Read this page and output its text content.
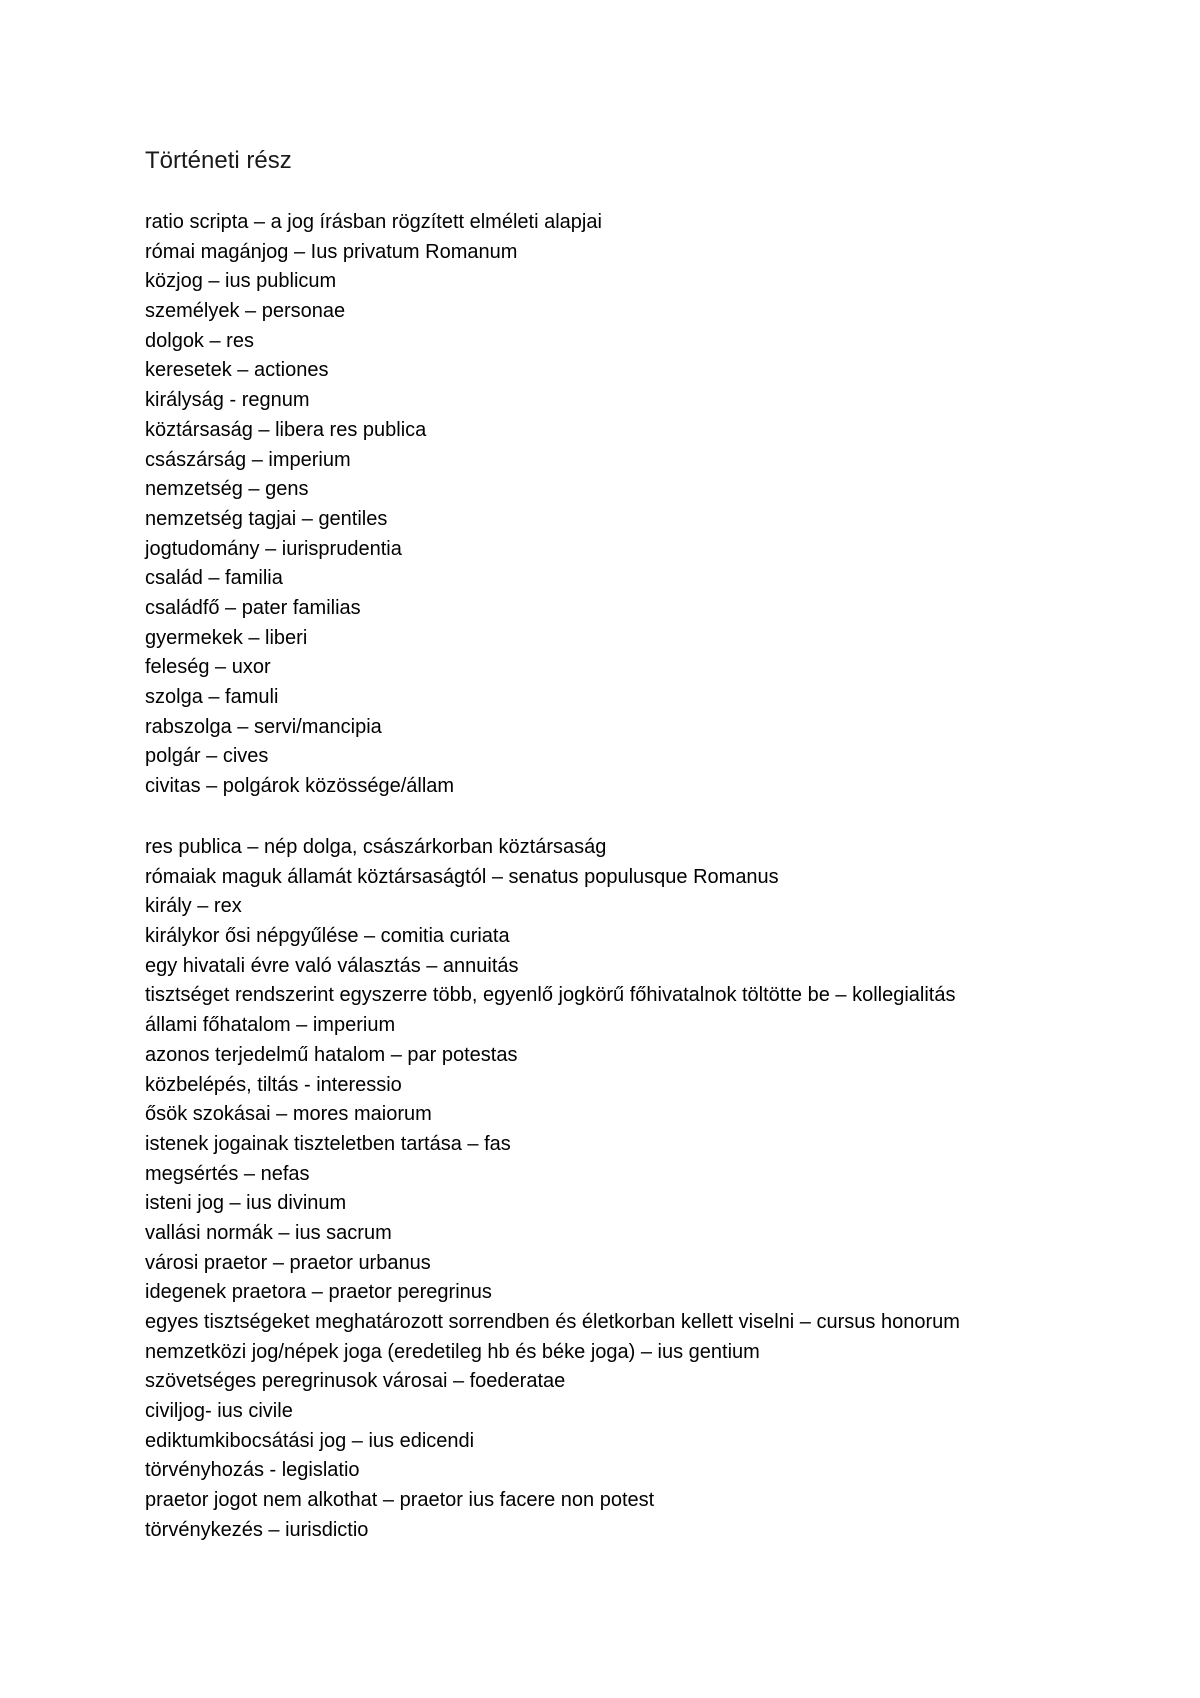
Történeti rész
ratio scripta – a jog írásban rögzített elméleti alapjai
római magánjog – Ius privatum Romanum
közjog – ius publicum
személyek – personae
dolgok – res
keresetek – actiones
királyság - regnum
köztársaság – libera res publica
császárság – imperium
nemzetség – gens
nemzetség tagjai – gentiles
jogtudomány – iurisprudentia
család – familia
családfő – pater familias
gyermekek – liberi
feleség – uxor
szolga – famuli
rabszolga – servi/mancipia
polgár – cives
civitas – polgárok közössége/állam
res publica – nép dolga, császárkorban köztársaság
rómaiak maguk államát köztársaságtól – senatus populusque Romanus
király – rex
királykor ősi népgyűlése – comitia curiata
egy hivatali évre való választás – annuitás
tisztséget rendszerint egyszerre több, egyenlő jogkörű főhivatalnok töltötte be – kollegialitás
állami főhatalom – imperium
azonos terjedelmű hatalom – par potestas
közbelépés, tiltás - interessio
ősök szokásai – mores maiorum
istenek jogainak tiszteletben tartása – fas
megsértés – nefas
isteni jog – ius divinum
vallási normák – ius sacrum
városi praetor – praetor urbanus
idegenek praetora – praetor peregrinus
egyes tisztségeket meghatározott sorrendben és életkorban kellett viselni – cursus honorum
nemzetközi jog/népek joga (eredetileg hb és béke joga) – ius gentium
szövetséges peregrinusok városai – foederatae
civiljog- ius civile
ediktumkibocsátási jog – ius edicendi
törvényhozás - legislatio
praetor jogot nem alkothat – praetor ius facere non potest
törvénykezés – iurisdictio
